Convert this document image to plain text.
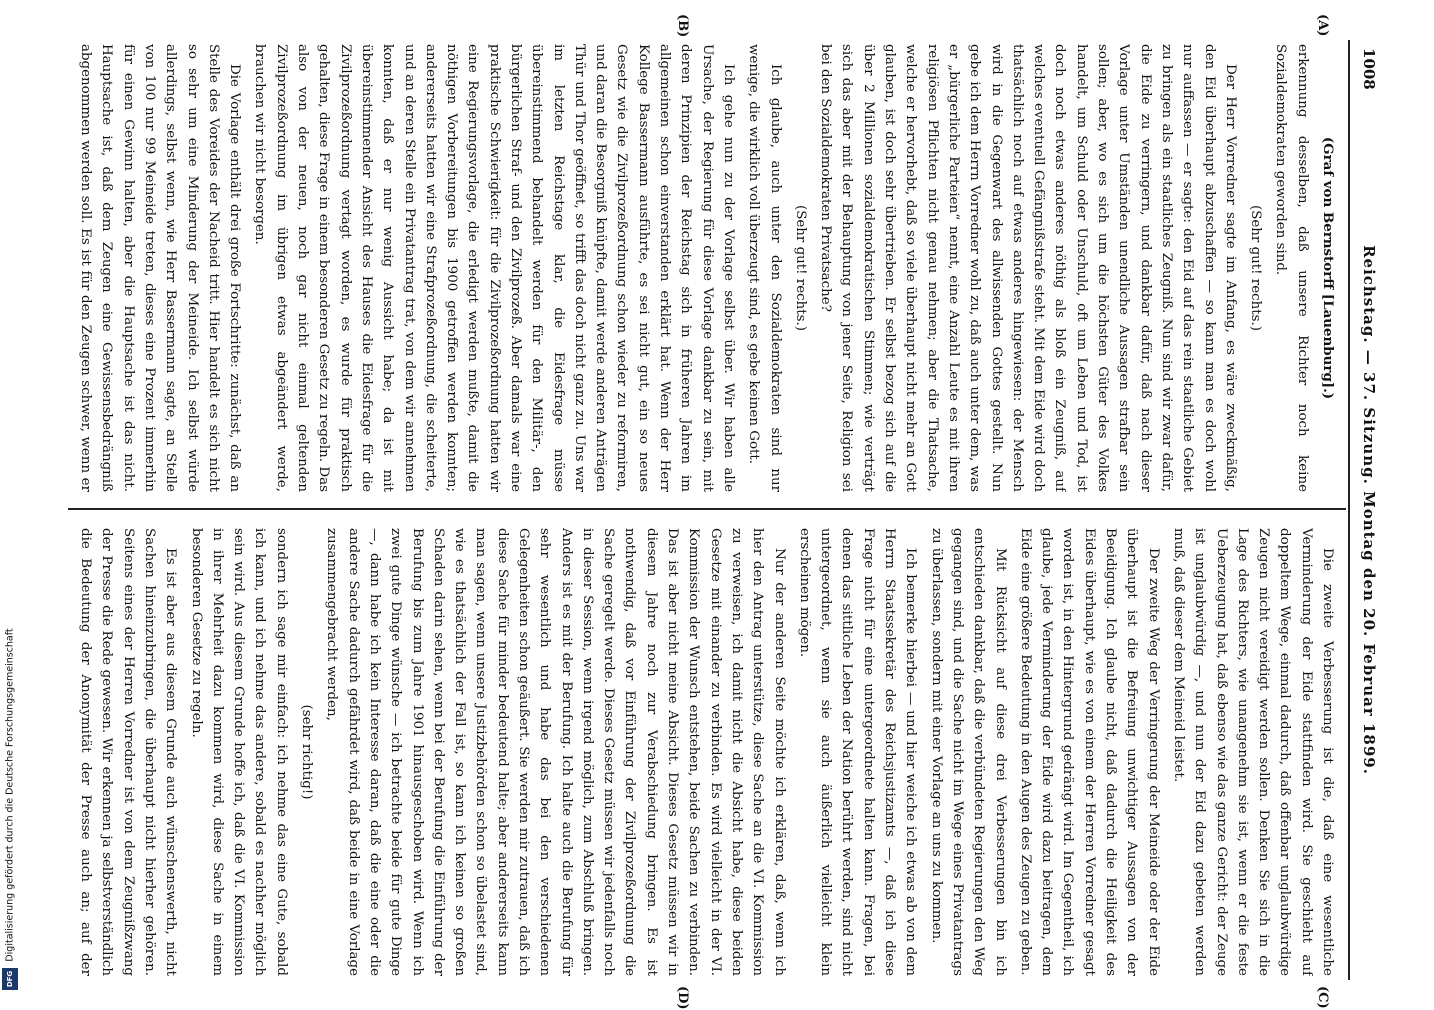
Digitalisierung gefördert durch die Deutsche Forschungsgemeinschaft
DFG
1008
Reichstag. — 37. Sitzung. Montag den 20. Februar 1899.
(A)
(B)
(C)
(D)

(Graf von Bernstorff [Lauenburg].)

erkennung desselben, daß unsere Richter noch keine Sozialdemokraten geworden sind.

(Sehr gut! rechts.)

Der Herr Vorredner sagte im Anfang, es wäre zweckmäßig, den Eid überhaupt abzuschaffen — so kann man es doch wohl nur auffassen — er sagte: den Eid auf das rein staatliche Gebiet zu bringen als ein staatliches Zeugniß. Nun sind wir zwar dafür, die Eide zu verringern, und dankbar dafür, daß nach dieser Vorlage unter Umständen unendliche Aussagen strafbar sein sollen; aber, wo es sich um die höchsten Güter des Volkes handelt, um Schuld oder Unschuld, oft um Leben und Tod, ist doch noch etwas anderes nöthig als bloß ein Zeugniß, auf welches eventuell Gefängnißstrafe steht. Mit dem Eide wird doch thatsächlich noch auf etwas anderes hingewiesen: der Mensch wird in die Gegenwart des allwissenden Gottes gestellt. Nun gebe ich dem Herrn Vorredner wohl zu, daß auch unter dem, was er „bürgerliche Parteien“ nennt, eine Anzahl Leute es mit ihren religiösen Pflichten nicht genau nehmen; aber die Thatsache, welche er hervorhebt, daß so viele überhaupt nicht mehr an Gott glauben, ist doch sehr übertrieben. Er selbst bezog sich auf die über 2 Millionen sozialdemokratischen Stimmen; wie verträgt sich das aber mit der Behauptung von jener Seite, Religion sei bei den Sozialdemokraten Privatsache?

(Sehr gut! rechts.)

Ich glaube, auch unter den Sozialdemokraten sind nur wenige, die wirklich voll überzeugt sind, es gebe keinen Gott.

Ich gehe nun zu der Vorlage selbst über. Wir haben alle Ursache, der Regierung für diese Vorlage dankbar zu sein, mit deren Prinzipien der Reichstag sich in früheren Jahren im allgemeinen schon einverstanden erklärt hat. Wenn der Herr Kollege Bassermann ausführte, es sei nicht gut, ein so neues Gesetz wie die Zivilprozeßordnung schon wieder zu reformiren, und daran die Besorgniß knüpfte, damit werde anderen Anträgen Thür und Thor geöffnet, so trifft das doch nicht ganz zu. Uns war im letzten Reichstage klar, die Eidesfrage müsse übereinstimmend behandelt werden für den Militär-, den bürgerlichen Straf- und den Zivilprozeß. Aber damals war eine praktische Schwierigkeit: für die Zivilprozeßordnung hatten wir eine Regierungsvorlage, die erledigt werden mußte, damit die nöthigen Vorbereitungen bis 1900 getroffen werden konnten; andererseits hatten wir eine Strafprozeßordnung, die scheiterte, und an deren Stelle ein Privatantrag trat, von dem wir annehmen konnten, daß er nur wenig Aussicht habe; da ist mit übereinstimmender Ansicht des Hauses die Eidesfrage für die Zivilprozeßordnung vertagt worden, es wurde für praktisch gehalten, diese Frage in einem besonderen Gesetz zu regeln. Das also von der neuen, noch gar nicht einmal geltenden Zivilprozeßordnung im übrigen etwas abgeändert werde, brauchen wir nicht besorgen.

Die Vorlage enthält drei große Fortschritte: zunächst, daß an Stelle des Voreides der Nacheid tritt. Hier handelt es sich nicht so sehr um eine Minderung der Meineide. Ich selbst würde allerdings, selbst wenn, wie Herr Bassermann sagte, an Stelle von 100 nur 99 Meineide treten, dieses eine Prozent immerhin für einen Gewinn halten, aber die Hauptsache ist das nicht. Hauptsache ist, daß dem Zeugen eine Gewissensbedrängniß abgenommen werden soll. Es ist für den Zeugen schwer, wenn er

Die zweite Verbesserung ist die, daß eine wesentliche Verminderung der Eide stattfinden wird. Sie geschieht auf doppeltem Wege, einmal dadurch, daß offenbar unglaubwürdige Zeugen nicht vereidigt werden sollen. Denken Sie sich in die Lage des Richters, wie unangenehm sie ist, wenn er die feste Ueberzeugung hat, daß ebenso wie das ganze Gericht: der Zeuge ist unglaubwürdig —, und nun der Eid dazu gebeten werden muß, daß dieser dem Meineid leistet.

Der zweite Weg der Verringerung der Meineide oder der Eide überhaupt ist die Befreiung unwichtiger Aussagen von der Beeidigung. Ich glaube nicht, daß dadurch die Heiligkeit des Eides überhaupt, wie es von einem der Herren Vorredner gesagt worden ist, in den Hintergrund gedrängt wird. Im Gegentheil, ich glaube, jede Verminderung der Eide wird dazu beitragen, dem Eide eine größere Bedeutung in den Augen des Zeugen zu geben.

Mit Rücksicht auf diese drei Verbesserungen bin ich entschieden dankbar, daß die verbündeten Regierungen den Weg gegangen sind, und die Sache nicht im Wege eines Privatantrags zu überlassen, sondern mit einer Vorlage an uns zu kommen.

Ich bemerke hierbei — und hier weiche ich etwas ab von dem Herrn Staatssekretär des Reichsjustizamts —, daß ich diese Frage nicht für eine untergeordnete halten kann. Fragen, bei denen das sittliche Leben der Nation berührt werden, sind nicht untergeordnet, wenn sie auch äußerlich vielleicht klein erscheinen mögen.

Nur der anderen Seite möchte ich erklären, daß, wenn ich hier den Antrag unterstütze, diese Sache an die VI. Kommission zu verweisen, ich damit nicht die Absicht habe, diese beiden Gesetze mit einander zu verbinden. Es wird vielleicht in der VI. Kommission der Wunsch entstehen, beide Sachen zu verbinden. Das ist aber nicht meine Absicht. Dieses Gesetz müssen wir in diesem Jahre noch zur Verabschiedung bringen. Es ist nothwendig, daß vor Einführung der Zivilprozeßordnung die Sache geregelt werde. Dieses Gesetz müssen wir jedenfalls noch in dieser Session, wenn irgend möglich, zum Abschluß bringen. Anders ist es mit der Berufung. Ich halte auch die Berufung für sehr wesentlich und habe das bei den verschiedenen Gelegenheiten schon geäußert. Sie werden mir zutrauen, daß ich diese Sache für minder bedeutend halte; aber andererseits kann man sagen, wenn unsere Justizbehörden schon so übelastet sind, wie es thatsächlich der Fall ist, so kann ich keinen so großen Schaden darin sehen, wenn bei der Berufung die Einführung der Berufung bis zum Jahre 1901 hinausgeschoben wird. Wenn ich zwei gute Dinge wünsche — ich betrachte beide für gute Dinge —, dann habe ich kein Interesse daran, daß die eine oder die andere Sache dadurch gefährdet wird, daß beide in eine Vorlage zusammengebracht werden,

(sehr richtig!)

sondern ich sage mir einfach: ich nehme das eine Gute, sobald ich kann, und ich nehme das andere, sobald es nachher möglich sein wird. Aus diesem Grunde hoffe ich, daß die VI. Kommission in ihrer Mehrheit dazu kommen wird, diese Sache in einem besonderen Gesetze zu regeln.

Es ist aber aus diesem Grunde auch wünschenswerth, nicht Sachen hineinzubringen, die überhaupt nicht hierher gehören. Seitens eines der Herren Vorredner ist von dem Zeugnißzwang der Presse die Rede gewesen. Wir erkennen ja selbstverständlich die Bedeutung der Anonymität der Presse auch an; auf der
